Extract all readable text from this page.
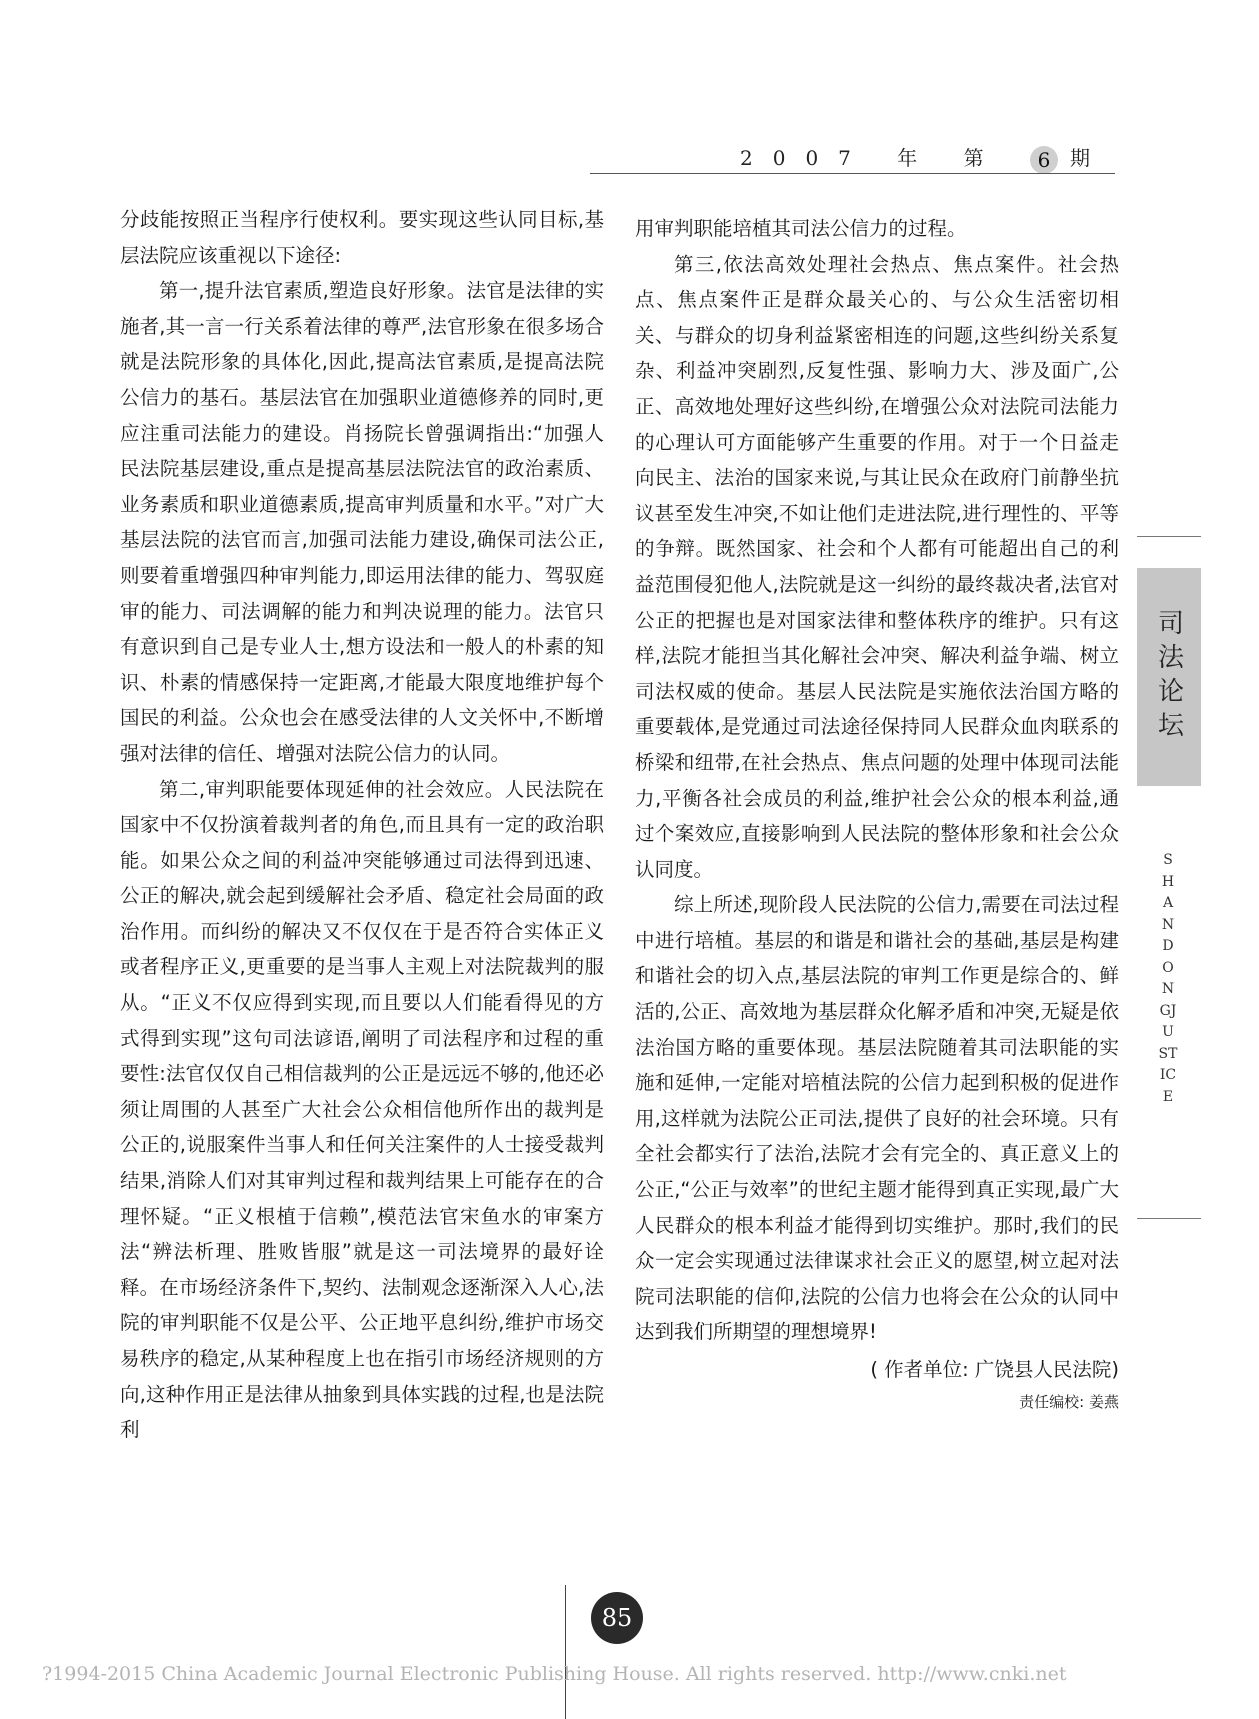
2007 年 第 6 期

分歧能按照正当程序行使权利。要实现这些认同目标,基层法院应该重视以下途径:

第一,提升法官素质,塑造良好形象。法官是法律的实施者,其一言一行关系着法律的尊严,法官形象在很多场合就是法院形象的具体化,因此,提高法官素质,是提高法院公信力的基石。基层法官在加强职业道德修养的同时,更应注重司法能力的建设。肖扬院长曾强调指出:“加强人民法院基层建设,重点是提高基层法院法官的政治素质、业务素质和职业道德素质,提高审判质量和水平。”对广大基层法院的法官而言,加强司法能力建设,确保司法公正,则要着重增强四种审判能力,即运用法律的能力、驾驭庭审的能力、司法调解的能力和判决说理的能力。法官只有意识到自己是专业人士,想方设法和一般人的朴素的知识、朴素的情感保持一定距离,才能最大限度地维护每个国民的利益。公众也会在感受法律的人文关怀中,不断增强对法律的信任、增强对法院公信力的认同。

第二,审判职能要体现延伸的社会效应。人民法院在国家中不仅扮演着裁判者的角色,而且具有一定的政治职能。如果公众之间的利益冲突能够通过司法得到迅速、公正的解决,就会起到缓解社会矛盾、稳定社会局面的政治作用。而纠纷的解决又不仅仅在于是否符合实体正义或者程序正义,更重要的是当事人主观上对法院裁判的服从。“正义不仅应得到实现,而且要以人们能看得见的方式得到实现”这句司法谚语,阐明了司法程序和过程的重要性:法官仅仅自己相信裁判的公正是远远不够的,他还必须让周围的人甚至广大社会公众相信他所作出的裁判是公正的,说服案件当事人和任何关注案件的人士接受裁判结果,消除人们对其审判过程和裁判结果上可能存在的合理怀疑。“正义根植于信赖”,模范法官宋鱼水的审案方法“辨法析理、胜败皆服”就是这一司法境界的最好诠释。在市场经济条件下,契约、法制观念逐渐深入人心,法院的审判职能不仅是公平、公正地平息纠纷,维护市场交易秩序的稳定,从某种程度上也在指引市场经济规则的方向,这种作用正是法律从抽象到具体实践的过程,也是法院利

用审判职能培植其司法公信力的过程。

第三,依法高效处理社会热点、焦点案件。社会热点、焦点案件正是群众最关心的、与公众生活密切相关、与群众的切身利益紧密相连的问题,这些纠纷关系复杂、利益冲突剧烈,反复性强、影响力大、涉及面广,公正、高效地处理好这些纠纷,在增强公众对法院司法能力的心理认可方面能够产生重要的作用。对于一个日益走向民主、法治的国家来说,与其让民众在政府门前静坐抗议甚至发生冲突,不如让他们走进法院,进行理性的、平等的争辩。既然国家、社会和个人都有可能超出自己的利益范围侵犯他人,法院就是这一纠纷的最终裁决者,法官对公正的把握也是对国家法律和整体秩序的维护。只有这样,法院才能担当其化解社会冲突、解决利益争端、树立司法权威的使命。基层人民法院是实施依法治国方略的重要载体,是党通过司法途径保持同人民群众血肉联系的桥梁和纽带,在社会热点、焦点问题的处理中体现司法能力,平衡各社会成员的利益,维护社会公众的根本利益,通过个案效应,直接影响到人民法院的整体形象和社会公众认同度。

综上所述,现阶段人民法院的公信力,需要在司法过程中进行培植。基层的和谐是和谐社会的基础,基层是构建和谐社会的切入点,基层法院的审判工作更是综合的、鲜活的,公正、高效地为基层群众化解矛盾和冲突,无疑是依法治国方略的重要体现。基层法院随着其司法职能的实施和延伸,一定能对培植法院的公信力起到积极的促进作用,这样就为法院公正司法,提供了良好的社会环境。只有全社会都实行了法治,法院才会有完全的、真正意义上的公正,“公正与效率”的世纪主题才能得到真正实现,最广大人民群众的根本利益才能得到切实维护。那时,我们的民众一定会实现通过法律谋求社会正义的愿望,树立起对法院司法职能的信仰,法院的公信力也将会在公众的认同中达到我们所期望的理想境界!

( 作者单位: 广饶县人民法院)
责任编校: 姜燕
司法论坛
SHANDONGJUSTICE
85
?1994-2015 China Academic Journal Electronic Publishing House. All rights reserved. http://www.cnki.net
